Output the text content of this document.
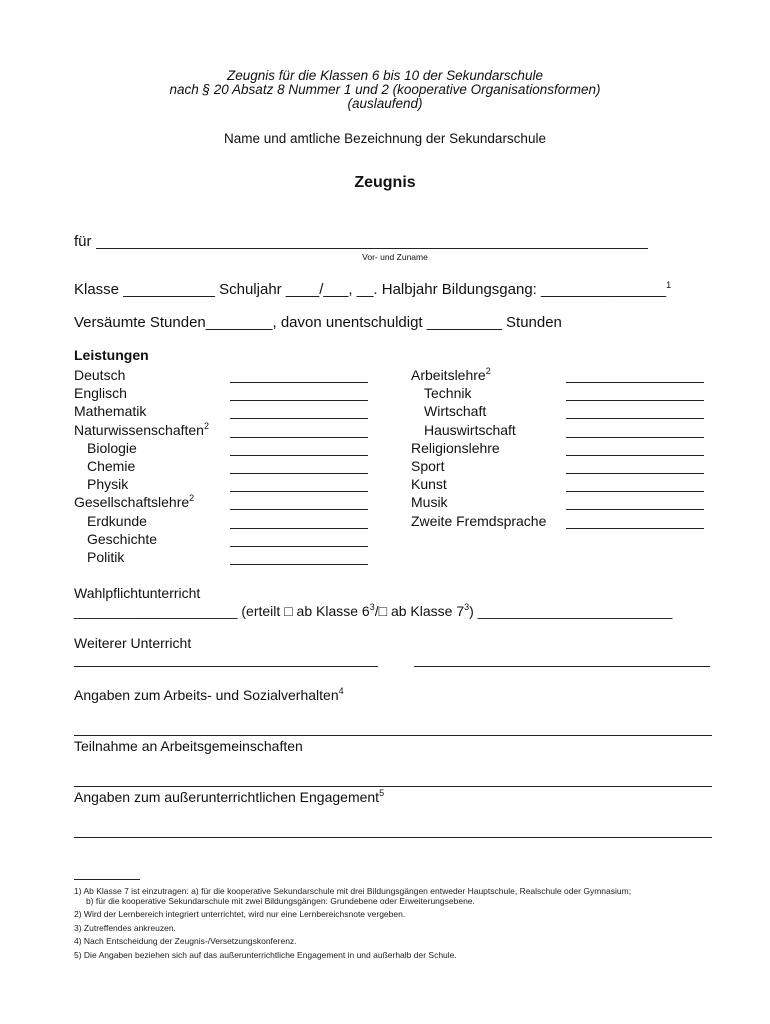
Zeugnis für die Klassen 6 bis 10 der Sekundarschule
nach § 20 Absatz 8 Nummer 1 und 2 (kooperative Organisationsformen)
(auslaufend)
Name und amtliche Bezeichnung der Sekundarschule
Zeugnis
für
Vor- und Zuname
Klasse ___________ Schuljahr ____/___, __. Halbjahr Bildungsgang: _______________$^1$
Versäumte Stunden________, davon unentschuldigt _________ Stunden
Leistungen
Deutsch
Englisch
Mathematik
Naturwissenschaften$^2$
Biologie
Chemie
Physik
Gesellschaftslehre$^2$
Erdkunde
Geschichte
Politik
Arbeitslehre$^2$
Technik
Wirtschaft
Hauswirtschaft
Religionslehre
Sport
Kunst
Musik
Zweite Fremdsprache
Wahlpflichtunterricht
_____________________ (erteilt □ ab Klasse $6^3/□$ ab Klasse $7^3$) _________________________
Weiterer Unterricht
Angaben zum Arbeits- und Sozialverhalten$^4$
Teilnahme an Arbeitsgemeinschaften
Angaben zum außerunterrichtlichen Engagement$^5$
1) Ab Klasse 7 ist einzutragen: a) für die kooperative Sekundarschule mit drei Bildungsgängen entweder Hauptschule, Realschule oder Gymnasium;
b) für die kooperative Sekundarschule mit zwei Bildungsgängen: Grundebene oder Erweiterungsebene.
2) Wird der Lernbereich integriert unterrichtet, wird nur eine Lernbereichsnote vergeben.
3) Zutreffendes ankreuzen.
4) Nach Entscheidung der Zeugnis-/Versetzungskonferenz.
5) Die Angaben beziehen sich auf das außerunterrichtliche Engagement in und außerhalb der Schule.
